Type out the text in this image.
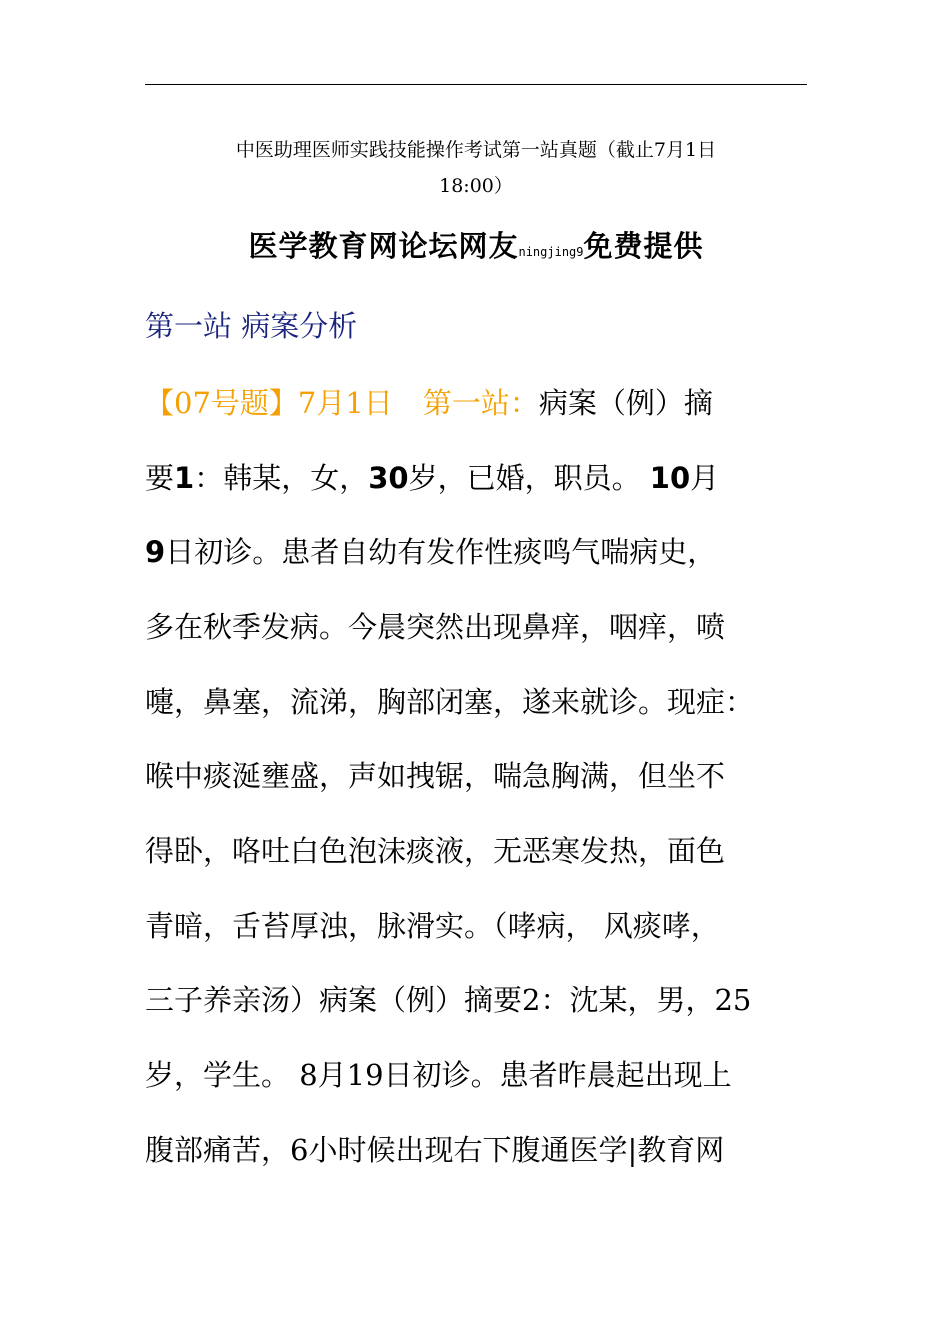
中医助理医师实践技能操作考试第一站真题（截止7月1日
18:00）
医学教育网论坛网友ningjing9免费提供
第一站 病案分析
【07号题】7月1日 第一站：病案（例）摘
要1：韩某，女，30岁，已婚，职员。 10月
9日初诊。患者自幼有发作性痰鸣气喘病史，
多在秋季发病。今晨突然出现鼻痒，咽痒，喷
嚏，鼻塞，流涕，胸部闭塞，遂来就诊。现症：
喉中痰涎壅盛，声如拽锯，喘急胸满，但坐不
得卧，咯吐白色泡沫痰液，无恶寒发热，面色
青暗，舌苔厚浊，脉滑实。（哮病， 风痰哮，
三子养亲汤）病案（例）摘要2：沈某，男，25
岁，学生。 8月19日初诊。患者昨晨起出现上
腹部痛苦，6小时候出现右下腹通医学|教育网
